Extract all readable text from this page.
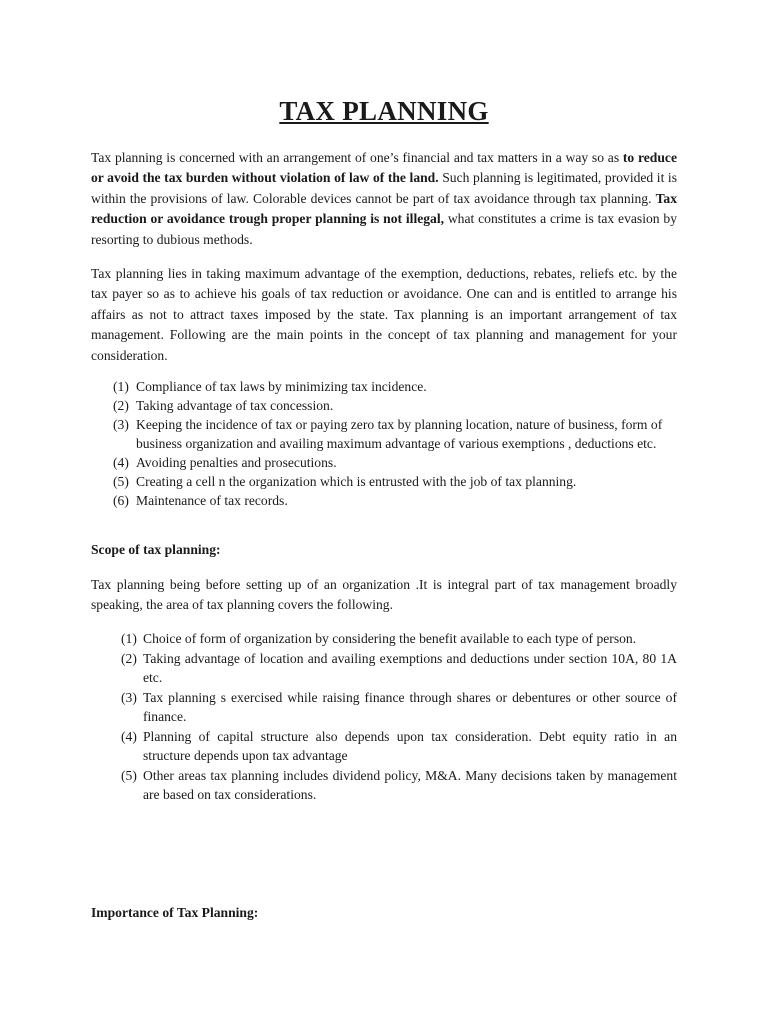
TAX PLANNING

Tax planning is concerned with an arrangement of one’s financial and tax matters in a way so as to reduce or avoid the tax burden without violation of law of the land. Such planning is legitimated, provided it is within the provisions of law. Colorable devices cannot be part of tax avoidance through tax planning. Tax reduction or avoidance trough proper planning is not illegal, what constitutes a crime is tax evasion by resorting to dubious methods.

Tax planning lies in taking maximum advantage of the exemption, deductions, rebates, reliefs etc. by the tax payer so as to achieve his goals of tax reduction or avoidance. One can and is entitled to arrange his affairs as not to attract taxes imposed by the state. Tax planning is an important arrangement of tax management. Following are the main points in the concept of tax planning and management for your consideration.

(1) Compliance of tax laws by minimizing tax incidence.
(2) Taking advantage of tax concession.
(3) Keeping the incidence of tax or paying zero tax by planning location, nature of business, form of business organization and availing maximum advantage of various exemptions , deductions etc.
(4) Avoiding penalties and prosecutions.
(5) Creating a cell n the organization which is entrusted with the job of tax planning.
(6) Maintenance of tax records.

Scope of tax planning:

Tax planning being before setting up of an organization .It is integral part of tax management broadly speaking, the area of tax planning covers the following.

(1) Choice of form of organization by considering the benefit available to each type of person.
(2) Taking advantage of location and availing exemptions and deductions under section 10A, 80 1A etc.
(3) Tax planning s exercised while raising finance through shares or debentures or other source of finance.
(4) Planning of capital structure also depends upon tax consideration. Debt equity ratio in an structure depends upon tax advantage
(5) Other areas tax planning includes dividend policy, M&A. Many decisions taken by management are based on tax considerations.

Importance of Tax Planning:
